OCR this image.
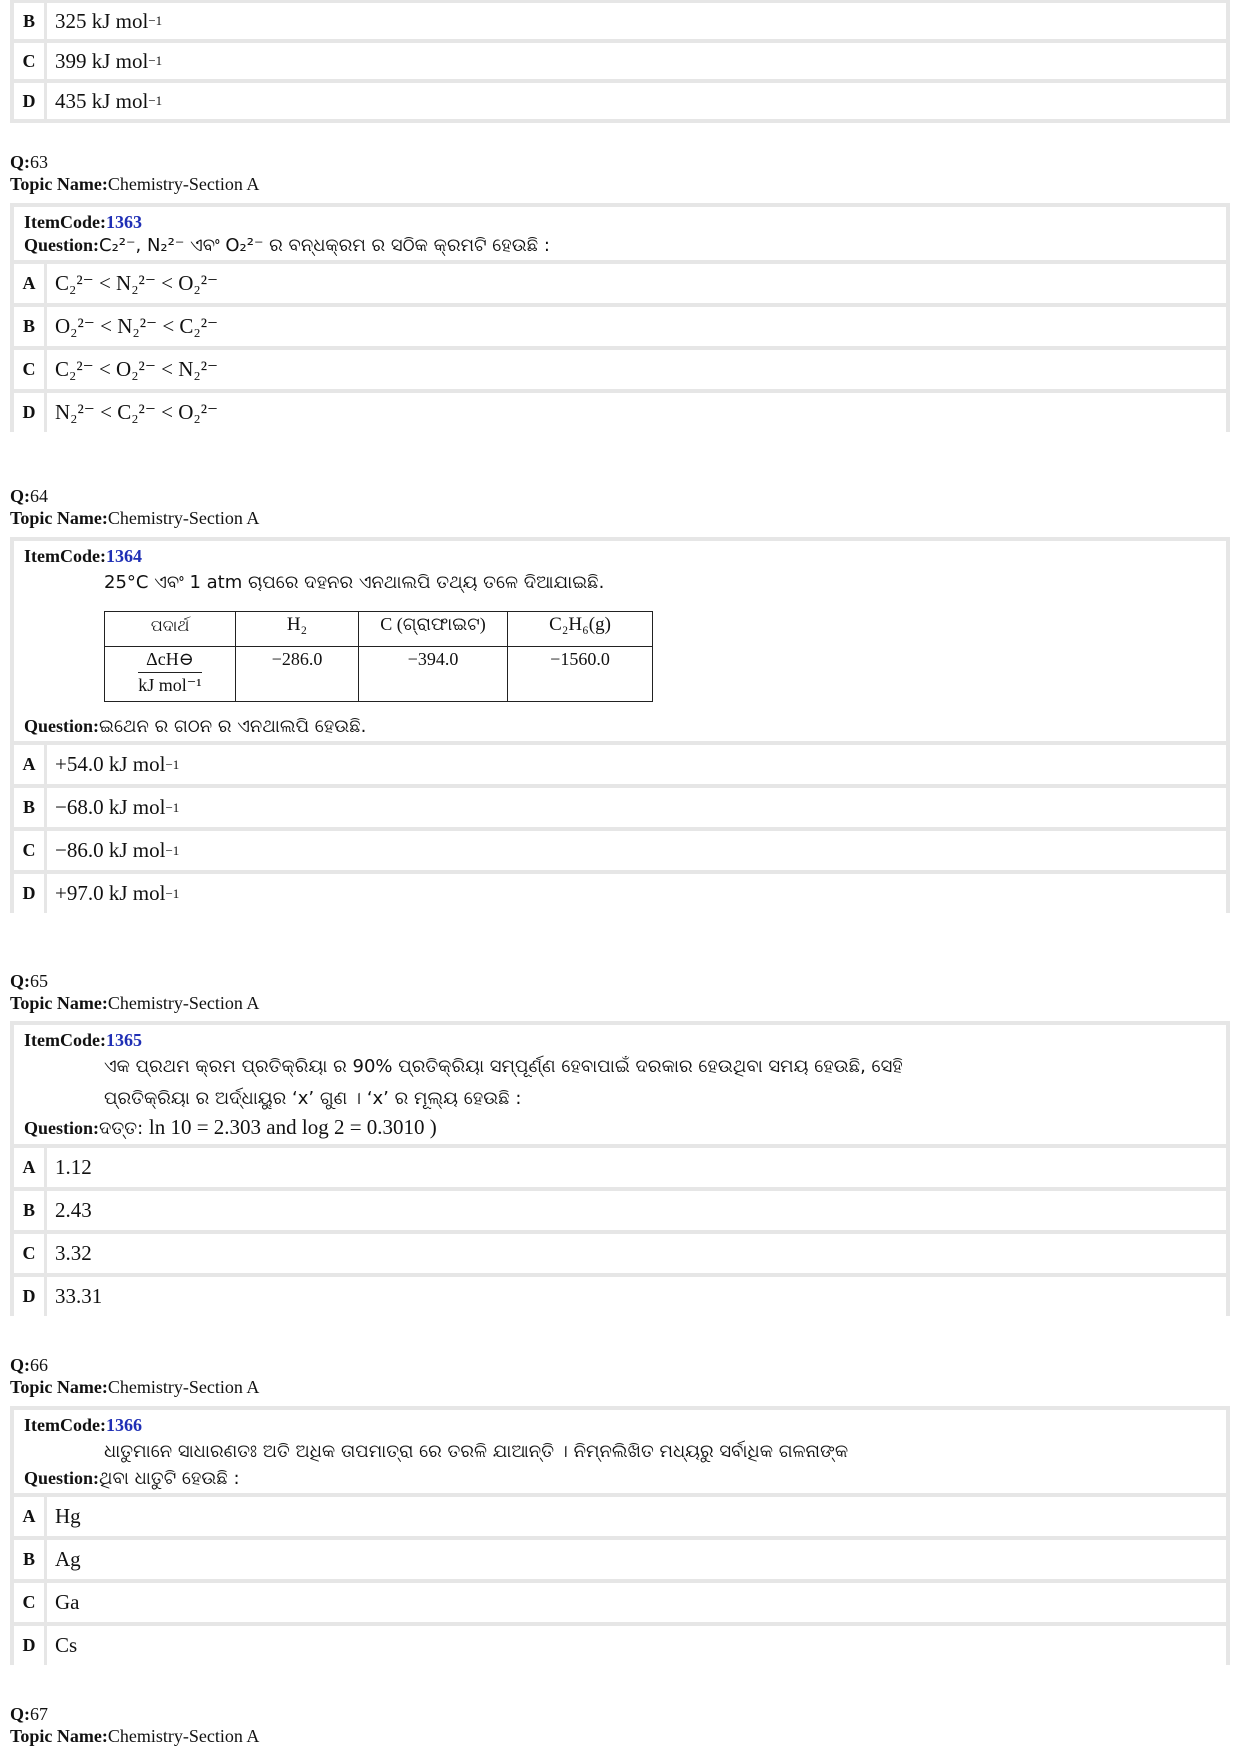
B 325 kJ mol −1
C 399 kJ mol −1
D 435 kJ mol −1
Q:63
Topic Name:Chemistry-Section A
ItemCode:1363
Question:C₂²⁻, N₂²⁻ ଏବଂ O₂²⁻ ର ବନ୍ଧକ୍ରମ ର ସଠିକ କ୍ରମଟି ହେଉଛି :
A C₂²⁻ < N₂²⁻ < O₂²⁻
B O₂²⁻ < N₂²⁻ < C₂²⁻
C C₂²⁻ < O₂²⁻ < N₂²⁻
D N₂²⁻ < C₂²⁻ < O₂²⁻
Q:64
Topic Name:Chemistry-Section A
ItemCode:1364
25°C ଏବଂ 1 atm ଚାପରେ ଦହନର ଏନଥାଲପି ତଥ୍ୟ ତଳେ ଦିଆଯାଇଛି.
ପଦାର୍ଥ	H₂	C (ଗ୍ରାଫାଇଟ)	C₂H₆(g)

$\frac{\text{ΔcH⊖}}{\text{kJ mol⁻¹}}$	−286.0	−394.0	−1560.0
Question:ଇଥେନ ର ଗଠନ ର ଏନଥାଲପି ହେଉଛି.
A +54.0 kJ mol −1
B −68.0 kJ mol −1
C −86.0 kJ mol −1
D +97.0 kJ mol −1
Q:65
Topic Name:Chemistry-Section A
ItemCode:1365
ଏକ ପ୍ରଥମ କ୍ରମ ପ୍ରତିକ୍ରିୟା ର 90% ପ୍ରତିକ୍ରିୟା ସମ୍ପୂର୍ଣ୍ଣ ହେବାପାଇଁ ଦରକାର ହେଉଥିବା ସମୟ ହେଉଛି, ସେହି
ପ୍ରତିକ୍ରିୟା ର ଅର୍ଦ୍ଧାୟୁର ‘x’ ଗୁଣ । ‘x’ ର ମୂଲ୍ୟ ହେଉଛି :
Question:ଦତ୍ତ: ln 10 = 2.303 and log 2 = 0.3010 )
A 1.12
B 2.43
C 3.32
D 33.31
Q:66
Topic Name:Chemistry-Section A
ItemCode:1366
ଧାତୁମାନେ ସାଧାରଣତଃ ଅତି ଅଧିକ ତାପମାତ୍ରା ରେ ତରଳି ଯାଆନ୍ତି । ନିମ୍ନଲିଖିତ ମଧ୍ୟରୁ ସର୍ବାଧିକ ଗଳନାଙ୍କ
Question:ଥିବା ଧାତୁଟି ହେଉଛି :
A Hg
B Ag
C Ga
D Cs
Q:67
Topic Name:Chemistry-Section A
